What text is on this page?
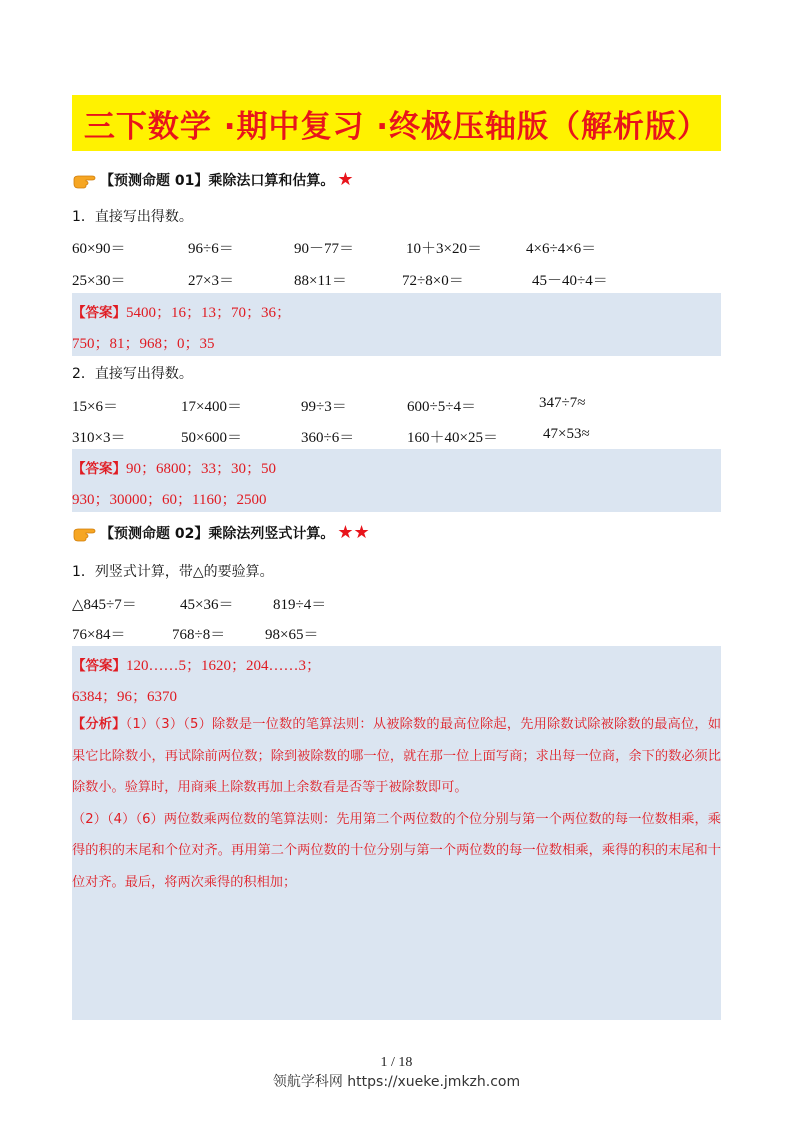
三下数学 ·期中复习 ·终极压轴版（解析版）
【预测命题 01】乘除法口算和估算。 ★
1．直接写出得数。
60×90＝	96÷6＝	90－77＝	10＋3×20＝	4×6÷4×6＝
25×30＝	27×3＝	88×11＝	72÷8×0＝	45－40÷4＝
【答案】5400；16；13；70；36；
750；81；968；0；35
2．直接写出得数。
15×6＝	17×400＝	99÷3＝	600÷5÷4＝	347÷7≈
310×3＝	50×600＝	360÷6＝	160＋40×25＝	47×53≈
【答案】90；6800；33；30；50
930；30000；60；1160；2500
【预测命题 02】乘除法列竖式计算。 ★★
1．列竖式计算，带△的要验算。
△845÷7＝	45×36＝	819÷4＝
76×84＝	768÷8＝	98×65＝
【答案】120……5；1620；204……3；
6384；96；6370

【分析】（1）（3）（5）除数是一位数的笔算法则：从被除数的最高位除起，先用除数试除被除数的最高位，如果它比除数小，再试除前两位数；除到被除数的哪一位，就在那一位上面写商；求出每一位商，余下的数必须比除数小。验算时，用商乘上除数再加上余数看是否等于被除数即可。

（2）（4）（6）两位数乘两位数的笔算法则：先用第二个两位数的个位分别与第一个两位数的每一位数相乘，乘得的积的末尾和个位对齐。再用第二个两位数的十位分别与第一个两位数的每一位数相乘，乘得的积的末尾和十位对齐。最后，将两次乘得的积相加；

1 / 18
领航学科网 https://xueke.jmkzh.com
